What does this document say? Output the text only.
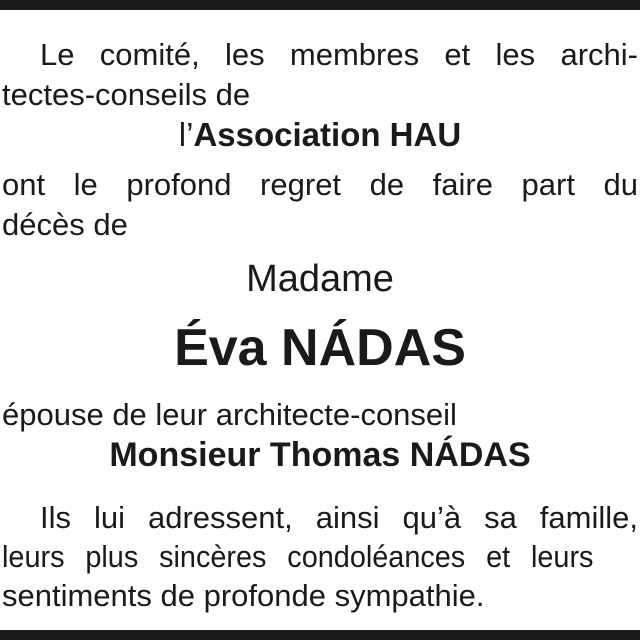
Le comité, les membres et les archi-

tectes-conseils de

l’Association HAU

ont le profond regret de faire part du

décès de

Madame

Éva NÁDAS

épouse de leur architecte-conseil

Monsieur Thomas NÁDAS

Ils lui adressent, ainsi qu’à sa famille,

leurs plus sincères condoléances et leurs

sentiments de profonde sympathie.
